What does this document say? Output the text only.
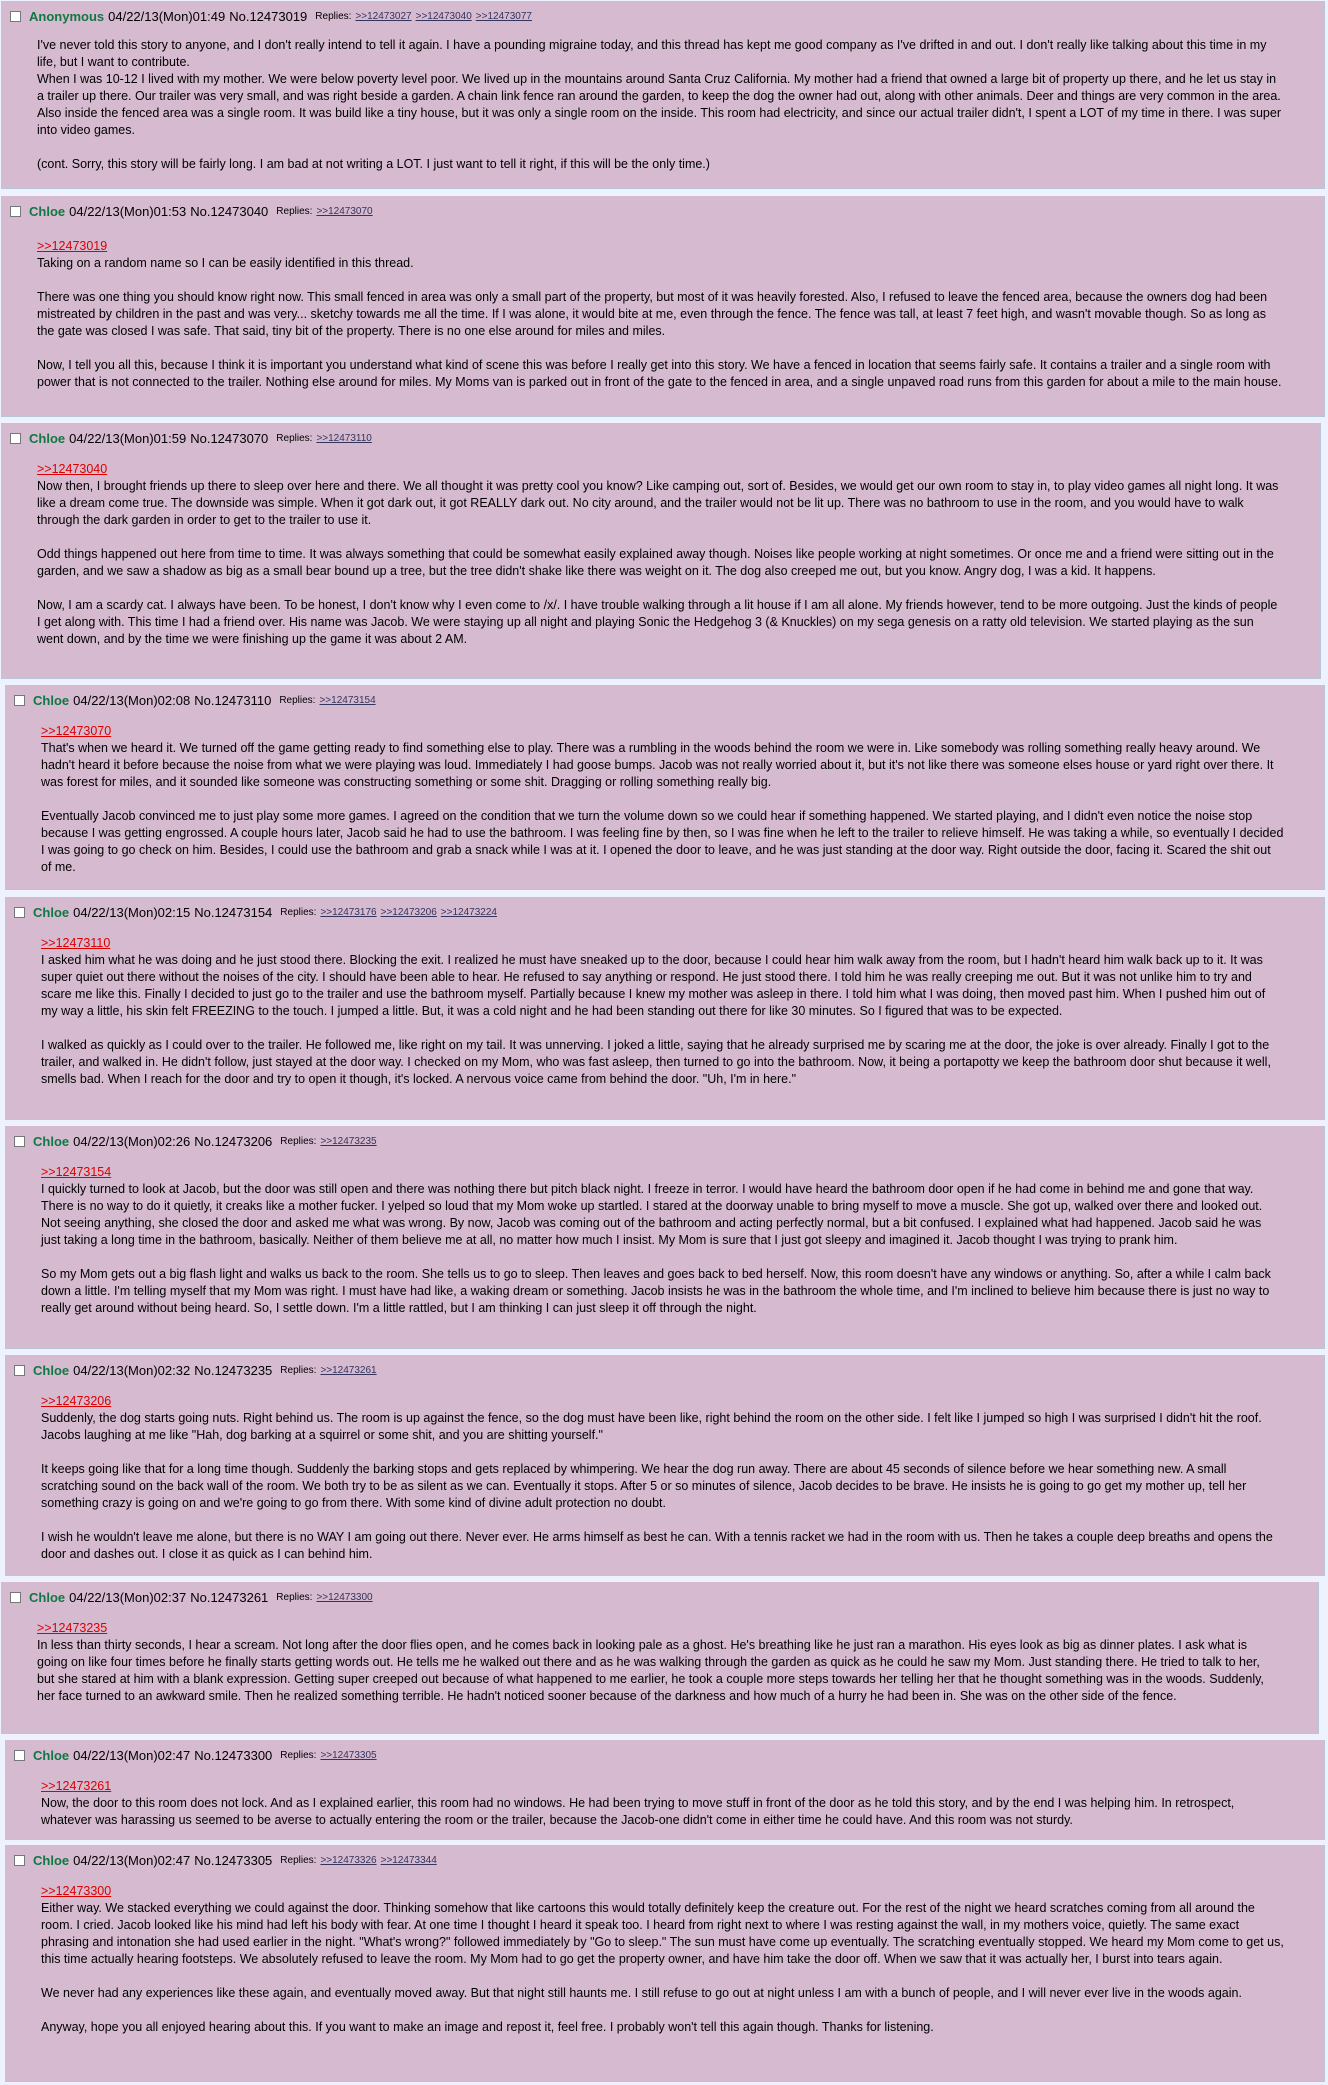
Anonymous 04/22/13(Mon)01:49 No.12473019 Replies: >>12473027 >>12473040 >>12473077

I've never told this story to anyone, and I don't really intend to tell it again. I have a pounding migraine today, and this thread has kept me good company as I've drifted in and out. I don't really like talking about this time in my life, but I want to contribute.
When I was 10-12 I lived with my mother. We were below poverty level poor. We lived up in the mountains around Santa Cruz California. My mother had a friend that owned a large bit of property up there, and he let us stay in a trailer up there. Our trailer was very small, and was right beside a garden. A chain link fence ran around the garden, to keep the dog the owner had out, along with other animals. Deer and things are very common in the area. Also inside the fenced area was a single room. It was build like a tiny house, but it was only a single room on the inside. This room had electricity, and since our actual trailer didn't, I spent a LOT of my time in there. I was super into video games.

(cont. Sorry, this story will be fairly long. I am bad at not writing a LOT. I just want to tell it right, if this will be the only time.)

Chloe 04/22/13(Mon)01:53 No.12473040 Replies: >>12473070
>>12473019

Taking on a random name so I can be easily identified in this thread.

There was one thing you should know right now. This small fenced in area was only a small part of the property, but most of it was heavily forested. Also, I refused to leave the fenced area, because the owners dog had been mistreated by children in the past and was very... sketchy towards me all the time. If I was alone, it would bite at me, even through the fence. The fence was tall, at least 7 feet high, and wasn't movable though. So as long as the gate was closed I was safe. That said, tiny bit of the property. There is no one else around for miles and miles.

Now, I tell you all this, because I think it is important you understand what kind of scene this was before I really get into this story. We have a fenced in location that seems fairly safe. It contains a trailer and a single room with power that is not connected to the trailer. Nothing else around for miles. My Moms van is parked out in front of the gate to the fenced in area, and a single unpaved road runs from this garden for about a mile to the main house.

Chloe 04/22/13(Mon)01:59 No.12473070 Replies: >>12473110
>>12473040

Now then, I brought friends up there to sleep over here and there. We all thought it was pretty cool you know? Like camping out, sort of. Besides, we would get our own room to stay in, to play video games all night long. It was like a dream come true. The downside was simple. When it got dark out, it got REALLY dark out. No city around, and the trailer would not be lit up. There was no bathroom to use in the room, and you would have to walk through the dark garden in order to get to the trailer to use it.

Odd things happened out here from time to time. It was always something that could be somewhat easily explained away though. Noises like people working at night sometimes. Or once me and a friend were sitting out in the garden, and we saw a shadow as big as a small bear bound up a tree, but the tree didn't shake like there was weight on it. The dog also creeped me out, but you know. Angry dog, I was a kid. It happens.

Now, I am a scardy cat. I always have been. To be honest, I don't know why I even come to /x/. I have trouble walking through a lit house if I am all alone. My friends however, tend to be more outgoing. Just the kinds of people I get along with. This time I had a friend over. His name was Jacob. We were staying up all night and playing Sonic the Hedgehog 3 (& Knuckles) on my sega genesis on a ratty old television. We started playing as the sun went down, and by the time we were finishing up the game it was about 2 AM.

Chloe 04/22/13(Mon)02:08 No.12473110 Replies: >>12473154
>>12473070

That's when we heard it. We turned off the game getting ready to find something else to play. There was a rumbling in the woods behind the room we were in. Like somebody was rolling something really heavy around. We hadn't heard it before because the noise from what we were playing was loud. Immediately I had goose bumps. Jacob was not really worried about it, but it's not like there was someone elses house or yard right over there. It was forest for miles, and it sounded like someone was constructing something or some shit. Dragging or rolling something really big.

Eventually Jacob convinced me to just play some more games. I agreed on the condition that we turn the volume down so we could hear if something happened. We started playing, and I didn't even notice the noise stop because I was getting engrossed. A couple hours later, Jacob said he had to use the bathroom. I was feeling fine by then, so I was fine when he left to the trailer to relieve himself. He was taking a while, so eventually I decided I was going to go check on him. Besides, I could use the bathroom and grab a snack while I was at it. I opened the door to leave, and he was just standing at the door way. Right outside the door, facing it. Scared the shit out of me.

Chloe 04/22/13(Mon)02:15 No.12473154 Replies: >>12473176 >>12473206 >>12473224
>>12473110

I asked him what he was doing and he just stood there. Blocking the exit. I realized he must have sneaked up to the door, because I could hear him walk away from the room, but I hadn't heard him walk back up to it. It was super quiet out there without the noises of the city. I should have been able to hear. He refused to say anything or respond. He just stood there. I told him he was really creeping me out. But it was not unlike him to try and scare me like this. Finally I decided to just go to the trailer and use the bathroom myself. Partially because I knew my mother was asleep in there. I told him what I was doing, then moved past him. When I pushed him out of my way a little, his skin felt FREEZING to the touch. I jumped a little. But, it was a cold night and he had been standing out there for like 30 minutes. So I figured that was to be expected.

I walked as quickly as I could over to the trailer. He followed me, like right on my tail. It was unnerving. I joked a little, saying that he already surprised me by scaring me at the door, the joke is over already. Finally I got to the trailer, and walked in. He didn't follow, just stayed at the door way. I checked on my Mom, who was fast asleep, then turned to go into the bathroom. Now, it being a portapotty we keep the bathroom door shut because it well, smells bad. When I reach for the door and try to open it though, it's locked. A nervous voice came from behind the door. "Uh, I'm in here."

Chloe 04/22/13(Mon)02:26 No.12473206 Replies: >>12473235
>>12473154

I quickly turned to look at Jacob, but the door was still open and there was nothing there but pitch black night. I freeze in terror. I would have heard the bathroom door open if he had come in behind me and gone that way. There is no way to do it quietly, it creaks like a mother fucker. I yelped so loud that my Mom woke up startled. I stared at the doorway unable to bring myself to move a muscle. She got up, walked over there and looked out. Not seeing anything, she closed the door and asked me what was wrong. By now, Jacob was coming out of the bathroom and acting perfectly normal, but a bit confused. I explained what had happened. Jacob said he was just taking a long time in the bathroom, basically. Neither of them believe me at all, no matter how much I insist. My Mom is sure that I just got sleepy and imagined it. Jacob thought I was trying to prank him.

So my Mom gets out a big flash light and walks us back to the room. She tells us to go to sleep. Then leaves and goes back to bed herself. Now, this room doesn't have any windows or anything. So, after a while I calm back down a little. I'm telling myself that my Mom was right. I must have had like, a waking dream or something. Jacob insists he was in the bathroom the whole time, and I'm inclined to believe him because there is just no way to really get around without being heard. So, I settle down. I'm a little rattled, but I am thinking I can just sleep it off through the night.

Chloe 04/22/13(Mon)02:32 No.12473235 Replies: >>12473261
>>12473206

Suddenly, the dog starts going nuts. Right behind us. The room is up against the fence, so the dog must have been like, right behind the room on the other side. I felt like I jumped so high I was surprised I didn't hit the roof. Jacobs laughing at me like "Hah, dog barking at a squirrel or some shit, and you are shitting yourself."

It keeps going like that for a long time though. Suddenly the barking stops and gets replaced by whimpering. We hear the dog run away. There are about 45 seconds of silence before we hear something new. A small scratching sound on the back wall of the room. We both try to be as silent as we can. Eventually it stops. After 5 or so minutes of silence, Jacob decides to be brave. He insists he is going to go get my mother up, tell her something crazy is going on and we're going to go from there. With some kind of divine adult protection no doubt.

I wish he wouldn't leave me alone, but there is no WAY I am going out there. Never ever. He arms himself as best he can. With a tennis racket we had in the room with us. Then he takes a couple deep breaths and opens the door and dashes out. I close it as quick as I can behind him.

Chloe 04/22/13(Mon)02:37 No.12473261 Replies: >>12473300
>>12473235

In less than thirty seconds, I hear a scream. Not long after the door flies open, and he comes back in looking pale as a ghost. He's breathing like he just ran a marathon. His eyes look as big as dinner plates. I ask what is going on like four times before he finally starts getting words out. He tells me he walked out there and as he was walking through the garden as quick as he could he saw my Mom. Just standing there. He tried to talk to her, but she stared at him with a blank expression. Getting super creeped out because of what happened to me earlier, he took a couple more steps towards her telling her that he thought something was in the woods. Suddenly, her face turned to an awkward smile. Then he realized something terrible. He hadn't noticed sooner because of the darkness and how much of a hurry he had been in. She was on the other side of the fence.

Chloe 04/22/13(Mon)02:47 No.12473300 Replies: >>12473305
>>12473261

Now, the door to this room does not lock. And as I explained earlier, this room had no windows. He had been trying to move stuff in front of the door as he told this story, and by the end I was helping him. In retrospect, whatever was harassing us seemed to be averse to actually entering the room or the trailer, because the Jacob-one didn't come in either time he could have. And this room was not sturdy.

Chloe 04/22/13(Mon)02:47 No.12473305 Replies: >>12473326 >>12473344
>>12473300

Either way. We stacked everything we could against the door. Thinking somehow that like cartoons this would totally definitely keep the creature out. For the rest of the night we heard scratches coming from all around the room. I cried. Jacob looked like his mind had left his body with fear. At one time I thought I heard it speak too. I heard from right next to where I was resting against the wall, in my mothers voice, quietly. The same exact phrasing and intonation she had used earlier in the night. "What's wrong?" followed immediately by "Go to sleep." The sun must have come up eventually. The scratching eventually stopped. We heard my Mom come to get us, this time actually hearing footsteps. We absolutely refused to leave the room. My Mom had to go get the property owner, and have him take the door off. When we saw that it was actually her, I burst into tears again.

We never had any experiences like these again, and eventually moved away. But that night still haunts me. I still refuse to go out at night unless I am with a bunch of people, and I will never ever live in the woods again.

Anyway, hope you all enjoyed hearing about this. If you want to make an image and repost it, feel free. I probably won't tell this again though. Thanks for listening.
